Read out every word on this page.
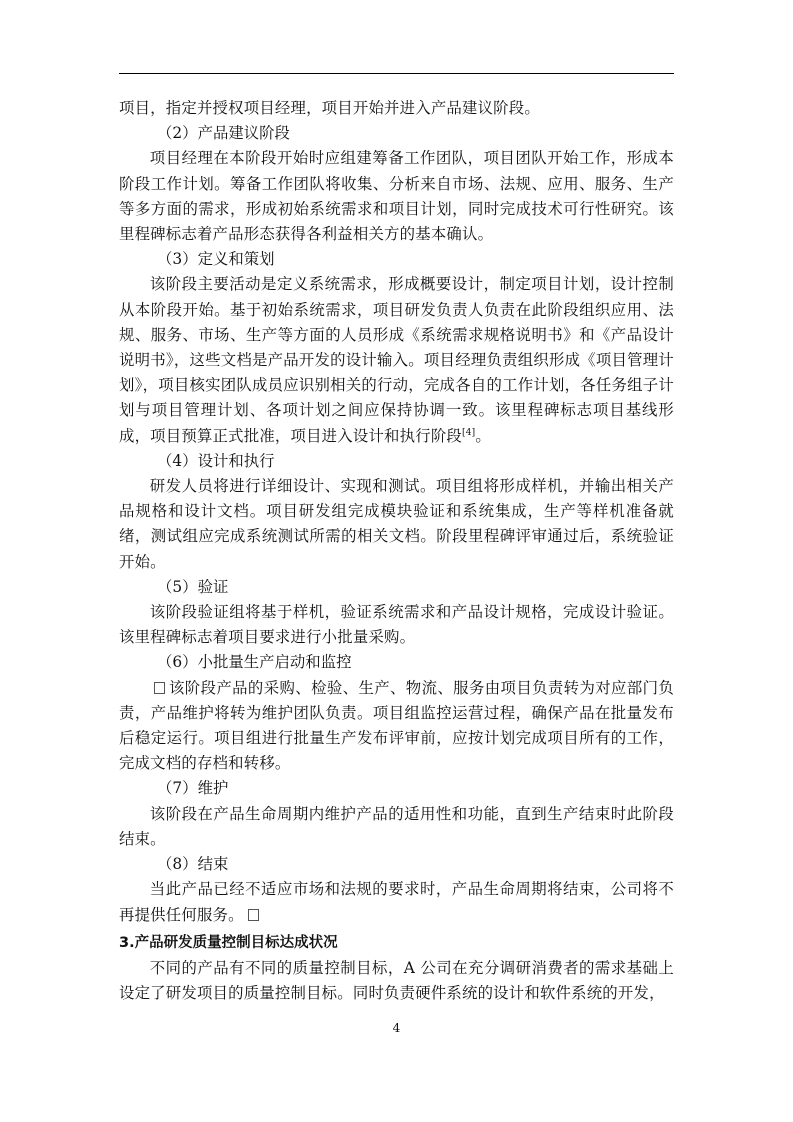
项目，指定并授权项目经理，项目开始并进入产品建议阶段。

（2）产品建议阶段

项目经理在本阶段开始时应组建筹备工作团队，项目团队开始工作，形成本阶段工作计划。筹备工作团队将收集、分析来自市场、法规、应用、服务、生产等多方面的需求，形成初始系统需求和项目计划，同时完成技术可行性研究。该里程碑标志着产品形态获得各利益相关方的基本确认。

（3）定义和策划

该阶段主要活动是定义系统需求，形成概要设计，制定项目计划，设计控制从本阶段开始。基于初始系统需求，项目研发负责人负责在此阶段组织应用、法规、服务、市场、生产等方面的人员形成《系统需求规格说明书》和《产品设计说明书》，这些文档是产品开发的设计输入。项目经理负责组织形成《项目管理计划》，项目核实团队成员应识别相关的行动，完成各自的工作计划，各任务组子计划与项目管理计划、各项计划之间应保持协调一致。该里程碑标志项目基线形成，项目预算正式批准，项目进入设计和执行阶段[4]。

（4）设计和执行

研发人员将进行详细设计、实现和测试。项目组将形成样机，并输出相关产品规格和设计文档。项目研发组完成模块验证和系统集成，生产等样机准备就绪，测试组应完成系统测试所需的相关文档。阶段里程碑评审通过后，系统验证开始。

（5）验证

该阶段验证组将基于样机，验证系统需求和产品设计规格，完成设计验证。该里程碑标志着项目要求进行小批量采购。

（6）小批量生产启动和监控

该阶段产品的采购、检验、生产、物流、服务由项目负责转为对应部门负责，产品维护将转为维护团队负责。项目组监控运营过程，确保产品在批量发布后稳定运行。项目组进行批量生产发布评审前，应按计划完成项目所有的工作，完成文档的存档和转移。

（7）维护

该阶段在产品生命周期内维护产品的适用性和功能，直到生产结束时此阶段结束。

（8）结束

当此产品已经不适应市场和法规的要求时，产品生命周期将结束，公司将不再提供任何服务。

3.产品研发质量控制目标达成状况

不同的产品有不同的质量控制目标，A 公司在充分调研消费者的需求基础上设定了研发项目的质量控制目标。同时负责硬件系统的设计和软件系统的开发，

4
